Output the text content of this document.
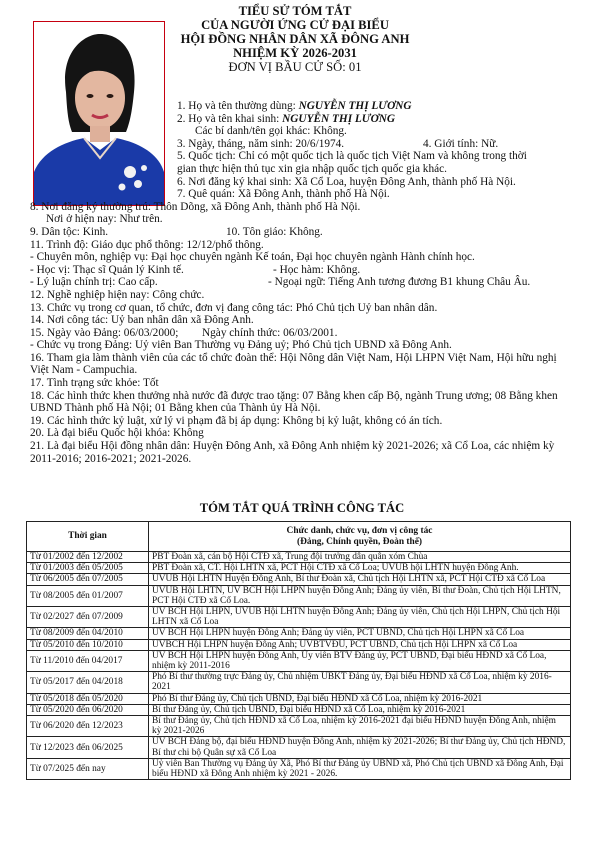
TIỂU SỬ TÓM TẮT
CỦA NGƯỜI ỨNG CỬ ĐẠI BIỂU
HỘI ĐỒNG NHÂN DÂN XÃ ĐÔNG ANH
NHIỆM KỲ 2026-2031
ĐƠN VỊ BẦU CỬ SỐ: 01
1. Họ và tên thường dùng: NGUYỄN THỊ LƯƠNG
2. Họ và tên khai sinh: NGUYỄN THỊ LƯƠNG
Các bí danh/tên gọi khác: Không.
3. Ngày, tháng, năm sinh: 20/6/1974.	4. Giới tính: Nữ.
5. Quốc tịch: Chỉ có một quốc tịch là quốc tịch Việt Nam và không trong thời
gian thực hiện thủ tục xin gia nhập quốc tịch quốc gia khác.
6. Nơi đăng ký khai sinh: Xã Cổ Loa, huyện Đông Anh, thành phố Hà Nội.
7. Quê quán: Xã Đông Anh, thành phố Hà Nội.
8. Nơi đăng ký thường trú: Thôn Dõng, xã Đông Anh, thành phố Hà Nội.
Nơi ở hiện nay: Như trên.
9. Dân tộc: Kinh.	10. Tôn giáo: Không.
11. Trình độ: Giáo dục phổ thông: 12/12/phổ thông.
- Chuyên môn, nghiệp vụ: Đại học chuyên ngành Kế toán, Đại học chuyên ngành Hành chính học.
- Học vị: Thạc sĩ Quản lý Kinh tế.	- Học hàm: Không.
- Lý luận chính trị: Cao cấp.	- Ngoại ngữ: Tiếng Anh tương đương B1 khung Châu Âu.
12. Nghề nghiệp hiện nay: Công chức.
13. Chức vụ trong cơ quan, tổ chức, đơn vị đang công tác: Phó Chủ tịch Uỷ ban nhân dân.
14. Nơi công tác: Uỷ ban nhân dân xã Đông Anh.
15. Ngày vào Đảng: 06/03/2000; Ngày chính thức: 06/03/2001.
- Chức vụ trong Đảng: Uỷ viên Ban Thường vụ Đảng uỷ; Phó Chủ tịch UBND xã Đông Anh.
16. Tham gia làm thành viên của các tổ chức đoàn thể: Hội Nông dân Việt Nam, Hội LHPN Việt Nam, Hội hữu nghị Việt Nam - Campuchia.
17. Tình trạng sức khỏe: Tốt
18. Các hình thức khen thưởng nhà nước đã được trao tặng: 07 Bằng khen cấp Bộ, ngành Trung ương; 08 Bằng khen UBND Thành phố Hà Nội; 01 Bằng khen của Thành ủy Hà Nội.
19. Các hình thức kỷ luật, xử lý vi phạm đã bị áp dụng: Không bị kỷ luật, không có án tích.
20. Là đại biểu Quốc hội khóa: Không
21. Là đại biểu Hội đồng nhân dân: Huyện Đông Anh, xã Đông Anh nhiệm kỳ 2021-2026; xã Cổ Loa, các nhiệm kỳ 2011-2016; 2016-2021; 2021-2026.
TÓM TẮT QUÁ TRÌNH CÔNG TÁC
Thời gian	Chức danh, chức vụ, đơn vị công tác
(Đảng, Chính quyền, Đoàn thể)

Từ 01/2002 đến 12/2002	PBT Đoàn xã, cán bộ Hội CTĐ xã, Trung đội trưởng dân quân xóm Chùa
Từ 01/2003 đến 05/2005	PBT Đoàn xã, CT. Hội LHTN xã, PCT Hội CTĐ xã Cổ Loa; UVUB hội LHTN huyện Đông Anh.
Từ 06/2005 đến 07/2005	UVUB Hội LHTN Huyện Đông Anh, Bí thư Đoàn xã, Chủ tịch Hội LHTN xã, PCT Hội CTĐ xã Cổ Loa
Từ 08/2005 đến 01/2007	UVUB Hội LHTN, UV BCH Hội LHPN huyện Đông Anh; Đảng ủy viên, Bí thư Đoàn, Chủ tịch Hội LHTN, PCT Hội CTĐ xã Cổ Loa.
Từ 02/2027 đến 07/2009	UV BCH Hội LHPN, UVUB Hội LHTN huyện Đông Anh; Đảng ủy viên, Chủ tịch Hội LHPN, Chủ tịch Hội LHTN xã Cổ Loa
Từ 08/2009 đến 04/2010	UV BCH Hội LHPN huyện Đông Anh; Đảng ủy viên, PCT UBND, Chủ tịch Hội LHPN xã Cổ Loa
Từ 05/2010 đến 10/2010	UVBCH Hội LHPN huyện Đông Anh; UVBTVĐU, PCT UBND, Chủ tịch Hội LHPN xã Cổ Loa
Từ 11/2010 đến 04/2017	UV BCH Hội LHPN huyện Đông Anh, Ủy viên BTV Đảng ủy, PCT UBND, Đại biểu HĐND xã Cổ Loa, nhiệm kỳ 2011-2016
Từ 05/2017 đến 04/2018	Phó Bí thư thường trực Đảng ủy, Chủ nhiệm UBKT Đảng ủy, Đại biểu HĐND xã Cổ Loa, nhiệm kỳ 2016-2021
Từ 05/2018 đến 05/2020	Phó Bí thư Đảng ủy, Chủ tịch UBND, Đại biểu HĐND xã Cổ Loa, nhiệm kỳ 2016-2021
Từ 05/2020 đến 06/2020	Bí thư Đảng ủy, Chủ tịch UBND, Đại biểu HĐND xã Cổ Loa, nhiệm kỳ 2016-2021
Từ 06/2020 đến 12/2023	Bí thư Đảng ủy, Chủ tịch HĐND xã Cổ Loa, nhiệm kỳ 2016-2021 đại biểu HĐND huyện Đông Anh, nhiệm kỳ 2021-2026
Từ 12/2023 đến 06/2025	UV BCH Đảng bộ, đại biểu HĐND huyện Đông Anh, nhiệm kỳ 2021-2026; Bí thư Đảng ủy, Chủ tịch HĐND, Bí thư chi bộ Quân sự xã Cổ Loa
Từ 07/2025 đến nay	Uỷ viên Ban Thường vụ Đảng ủy Xã, Phó Bí thư Đảng ủy UBND xã, Phó Chủ tịch UBND xã Đông Anh, Đại biểu HĐND xã Đông Anh nhiệm kỳ 2021 - 2026.
